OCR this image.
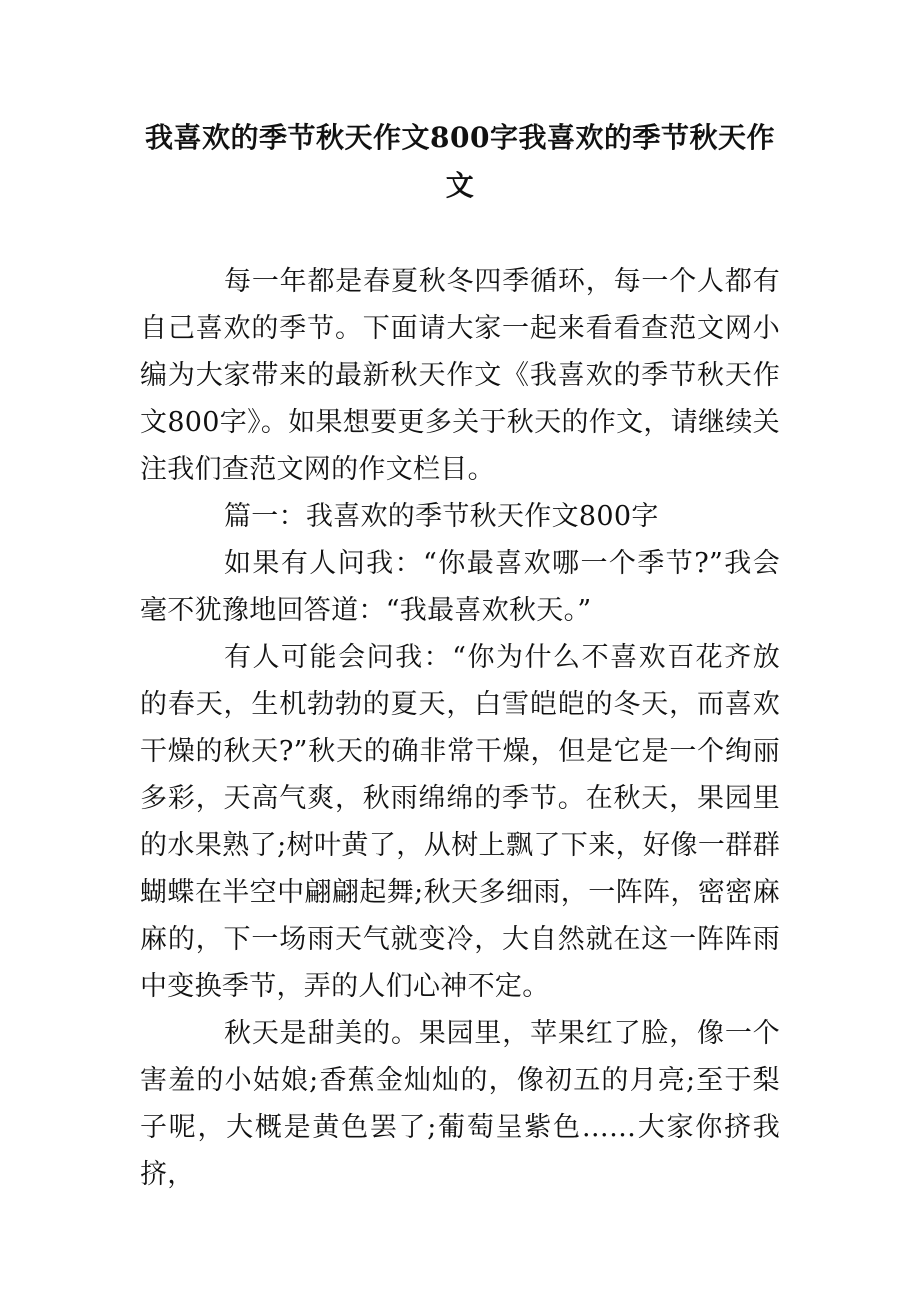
我喜欢的季节秋天作文800字我喜欢的季节秋天作文

每一年都是春夏秋冬四季循环，每一个人都有自己喜欢的季节。下面请大家一起来看看查范文网小编为大家带来的最新秋天作文《我喜欢的季节秋天作文800字》。如果想要更多关于秋天的作文，请继续关注我们查范文网的作文栏目。

篇一：我喜欢的季节秋天作文800字

如果有人问我：“你最喜欢哪一个季节?”我会毫不犹豫地回答道：“我最喜欢秋天。”

有人可能会问我：“你为什么不喜欢百花齐放的春天，生机勃勃的夏天，白雪皑皑的冬天，而喜欢干燥的秋天?”秋天的确非常干燥，但是它是一个绚丽多彩，天高气爽，秋雨绵绵的季节。在秋天，果园里的水果熟了;树叶黄了，从树上飘了下来，好像一群群蝴蝶在半空中翩翩起舞;秋天多细雨，一阵阵，密密麻麻的，下一场雨天气就变冷，大自然就在这一阵阵雨中变换季节，弄的人们心神不定。

秋天是甜美的。果园里，苹果红了脸，像一个害羞的小姑娘;香蕉金灿灿的，像初五的月亮;至于梨子呢，大概是黄色罢了;葡萄呈紫色……大家你挤我挤，
